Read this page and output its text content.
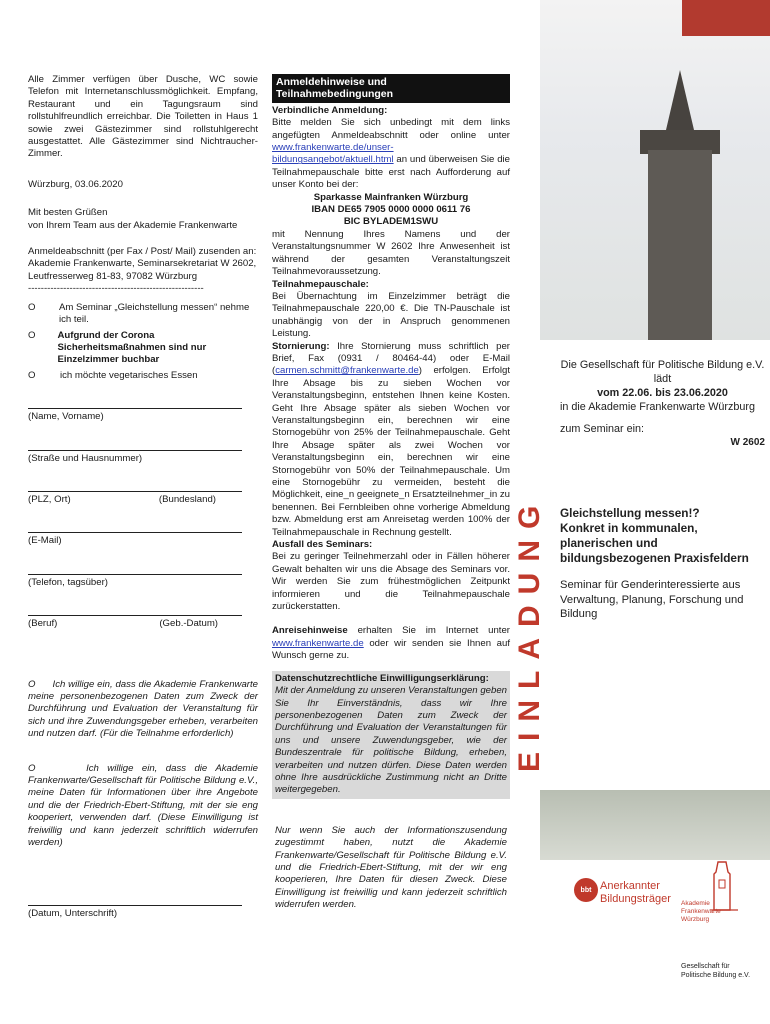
Alle Zimmer verfügen über Dusche, WC sowie Telefon mit Internetanschlussmöglichkeit. Empfang, Restaurant und ein Tagungsraum sind rollstuhlfreundlich erreichbar. Die Toiletten in Haus 1 sowie zwei Gästezimmer sind rollstuhlgerecht ausgestattet. Alle Gästezimmer sind Nichtraucher-Zimmer.

Würzburg, 03.06.2020

Mit besten Grüßen

von Ihrem Team aus der Akademie Frankenwarte

Anmeldeabschnitt (per Fax / Post/ Mail) zusenden an:

Akademie Frankenwarte, Seminarsekretariat W 2602,

Leutfresserweg 81-83, 97082 Würzburg

-------------------------------------------------------

O Am Seminar „Gleichstellung messen“ nehme ich teil.
O Aufgrund der Corona Sicherheitsmaßnahmen sind nur Einzelzimmer buchbar
O	ich möchte vegetarisches Essen
(Name, Vorname)
(Straße und Hausnummer)
(PLZ, Ort)	(Bundesland)
(E-Mail)
(Telefon, tagsüber)
(Beruf)	(Geb.-Datum)
O Ich willige ein, dass die Akademie Frankenwarte meine personenbezogenen Daten zum Zweck der Durchführung und Evaluation der Veranstaltung für sich und ihre Zuwendungsgeber erheben, verarbeiten und nutzen darf. (Für die Teilnahme erforderlich)
O	Ich willige ein, dass die Akademie Frankenwarte/Gesellschaft für Politische Bildung e.V., meine Daten für Informationen über ihre Angebote und die der Friedrich-Ebert-Stiftung, mit der sie eng kooperiert, verwenden darf. (Diese Einwilligung ist freiwillig und kann jederzeit schriftlich widerrufen werden)
(Datum, Unterschrift)
Anmeldehinweise und Teilnahmebedingungen

Verbindliche Anmeldung:

Bitte melden Sie sich unbedingt mit dem links angefügten Anmeldeabschnitt oder online unter www.frankenwarte.de/unser-bildungsangebot/aktuell.html an und überweisen Sie die Teilnahmepauschale bitte erst nach Aufforderung auf unser Konto bei der:

Sparkasse Mainfranken Würzburg

IBAN DE65 7905 0000 0000 0611 76

BIC BYLADEM1SWU

mit Nennung Ihres Namens und der Veranstaltungsnummer W 2602 Ihre Anwesenheit ist während der gesamten Veranstaltungszeit Teilnahmevoraussetzung.

Teilnahmepauschale:

Bei Übernachtung im Einzelzimmer beträgt die Teilnahmepauschale 220,00 €. Die TN-Pauschale ist unabhängig von der in Anspruch genommenen Leistung.

Stornierung: Ihre Stornierung muss schriftlich per Brief, Fax (0931 / 80464-44) oder E-Mail (carmen.schmitt@frankenwarte.de) erfolgen. Erfolgt Ihre Absage bis zu sieben Wochen vor Veranstaltungsbeginn, entstehen Ihnen keine Kosten. Geht Ihre Absage später als sieben Wochen vor Veranstaltungsbeginn ein, berechnen wir eine Stornogebühr von 25% der Teilnahmepauschale. Geht Ihre Absage später als zwei Wochen vor Veranstaltungsbeginn ein, berechnen wir eine Stornogebühr von 50% der Teilnahmepauschale. Um eine Stornogebühr zu vermeiden, besteht die Möglichkeit, eine_n geeignete_n Ersatzteilnehmer_in zu benennen. Bei Fernbleiben ohne vorherige Abmeldung bzw. Abmeldung erst am Anreisetag werden 100% der Teilnahmepauschale in Rechnung gestellt.

Ausfall des Seminars:

Bei zu geringer Teilnehmerzahl oder in Fällen höherer Gewalt behalten wir uns die Absage des Seminars vor. Wir werden Sie zum frühestmöglichen Zeitpunkt informieren und die Teilnahmepauschale zurückerstatten.

Anreisehinweise erhalten Sie im Internet unter www.frankenwarte.de oder wir senden sie Ihnen auf Wunsch gerne zu.

Datenschutzrechtliche Einwilligungserklärung:

Mit der Anmeldung zu unseren Veranstaltungen geben Sie Ihr Einverständnis, dass wir Ihre personenbezogenen Daten zum Zweck der Durchführung und Evaluation der Veranstaltungen für uns und unsere Zuwendungsgeber, wie der Bundeszentrale für politische Bildung, erheben, verarbeiten und nutzen dürfen. Diese Daten werden ohne Ihre ausdrückliche Zustimmung nicht an Dritte weitergegeben.

Nur wenn Sie auch der Informationszusendung zugestimmt haben, nutzt die Akademie Frankenwarte/Gesellschaft für Politische Bildung e.V. und die Friedrich-Ebert-Stiftung, mit der wir eng kooperieren, Ihre Daten für diesen Zweck. Diese Einwilligung ist freiwillig und kann jederzeit schriftlich widerrufen werden.

EINLADUNG
Die Gesellschaft für Politische Bildung e.V. lädt
vom 22.06. bis 23.06.2020
in die Akademie Frankenwarte Würzburg
zum Seminar ein:
W 2602
Gleichstellung messen!?
Konkret in kommunalen, planerischen und bildungsbezogenen Praxisfeldern
Seminar für Genderinteressierte aus Verwaltung, Planung, Forschung und Bildung
bbt Anerkannter
Bildungsträger Akademie
Frankenwarte
Würzburg
Gesellschaft für
Politische Bildung e.V.
